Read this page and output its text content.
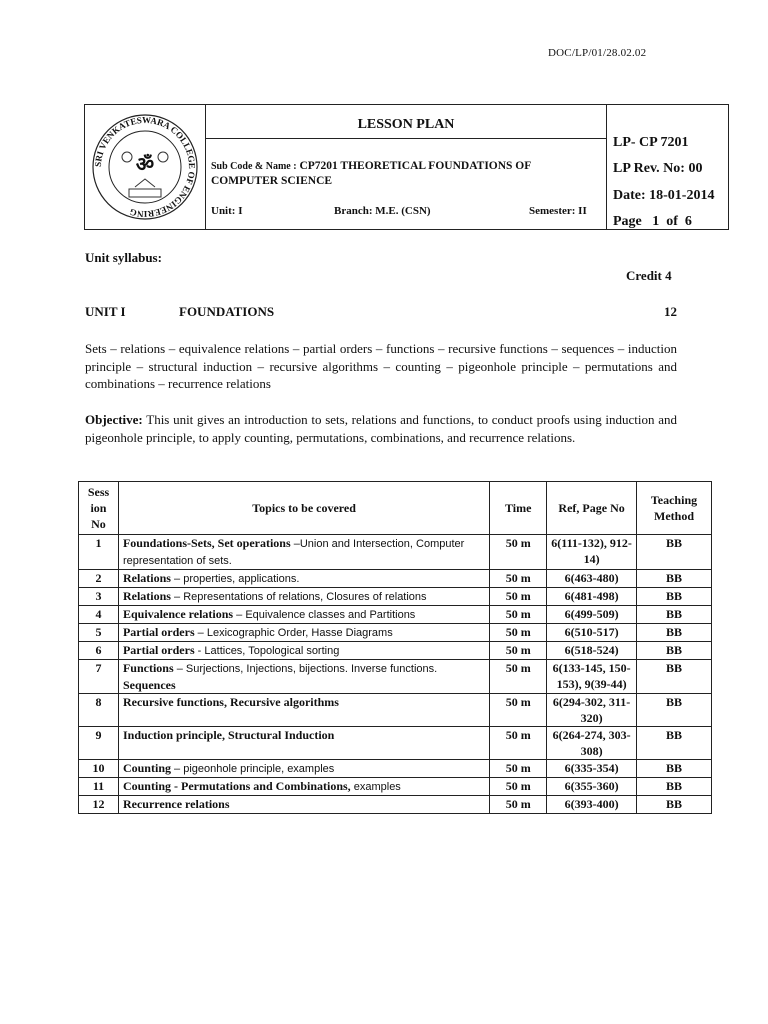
DOC/LP/01/28.02.02
SRI VENKATESWARA COLLEGE OF ENGINEERING
ॐ
LESSON PLAN
Sub Code & Name : CP7201 THEORETICAL FOUNDATIONS OF COMPUTER SCIENCE
Unit: I	Branch: M.E. (CSN)	Semester: II
LP- CP 7201
LP Rev. No: 00
Date: 18-01-2014
Page   1  of  6
Unit syllabus:
Credit 4
UNIT I	FOUNDATIONS	12
Sets – relations – equivalence relations – partial orders – functions – recursive functions – sequences – induction principle – structural induction – recursive algorithms – counting – pigeonhole principle – permutations and combinations – recurrence relations
Objective: This unit gives an introduction to sets, relations and functions, to conduct proofs using induction and pigeonhole principle, to apply counting, permutations, combinations, and recurrence relations.
Sess ion No	Topics to be covered	Time	Ref, Page No	Teaching Method
1	Foundations-Sets, Set operations –Union and Intersection, Computer representation of sets.	50 m	6(111-132), 912-14)	BB
2	Relations – properties, applications.	50 m	6(463-480)	BB
3	Relations – Representations of relations, Closures of relations	50 m	6(481-498)	BB
4	Equivalence relations – Equivalence classes and Partitions	50 m	6(499-509)	BB
5	Partial orders – Lexicographic Order, Hasse Diagrams	50 m	6(510-517)	BB
6	Partial orders - Lattices, Topological sorting	50 m	6(518-524)	BB
7	Functions – Surjections, Injections, bijections. Inverse functions.
Sequences	50 m	6(133-145, 150-153), 9(39-44)	BB
8	Recursive functions, Recursive algorithms	50 m	6(294-302, 311-320)	BB
9	Induction principle, Structural Induction	50 m	6(264-274, 303-308)	BB
10	Counting – pigeonhole principle, examples	50 m	6(335-354)	BB
11	Counting - Permutations and Combinations, examples	50 m	6(355-360)	BB
12	Recurrence relations	50 m	6(393-400)	BB
